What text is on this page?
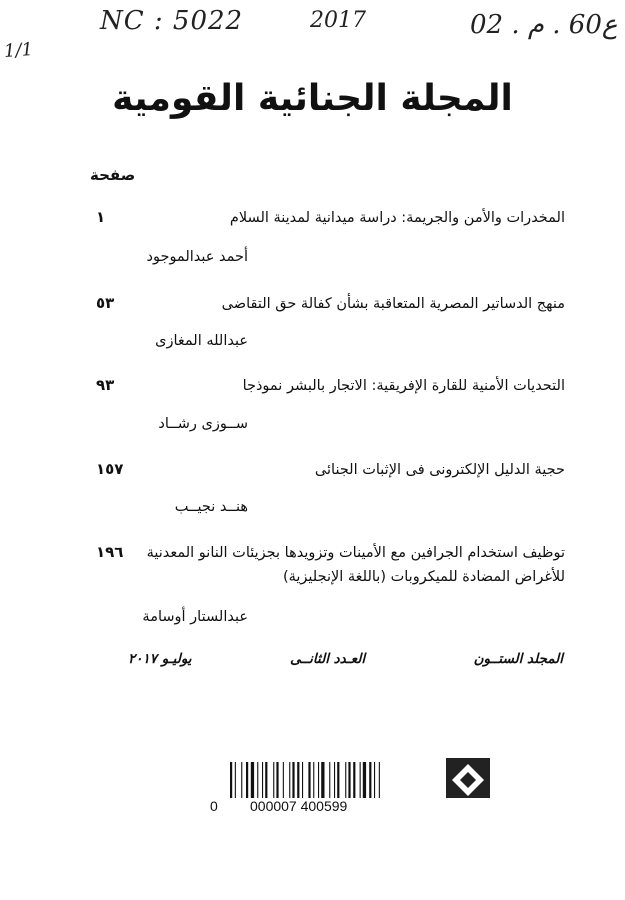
NC : 5022	2017	02 . ع60 . م
1/1
المجلة الجنائية القومية
صفحة
المخدرات والأمن والجريمة: دراسة ميدانية لمدينة السلام
١
أحمد عبدالموجود
منهج الدساتير المصرية المتعاقبة بشأن كفالة حق التقاضى
٥٣
عبدالله المغازى
التحديات الأمنية للقارة الإفريقية: الاتجار بالبشر نموذجا
٩٣
ســوزى رشــاد
حجية الدليل الإلكترونى فى الإثبات الجنائى
١٥٧
هنــد نجيــب
توظيف استخدام الجرافين مع الأمينات وتزويدها بجزيئات النانو المعدنية للأغراض المضادة للميكروبات (باللغة الإنجليزية)
١٩٦
عبدالستار أوسامة
المجلد الستــون
العـدد الثانــى
يوليـو ٢٠١٧
0 000007 400599
